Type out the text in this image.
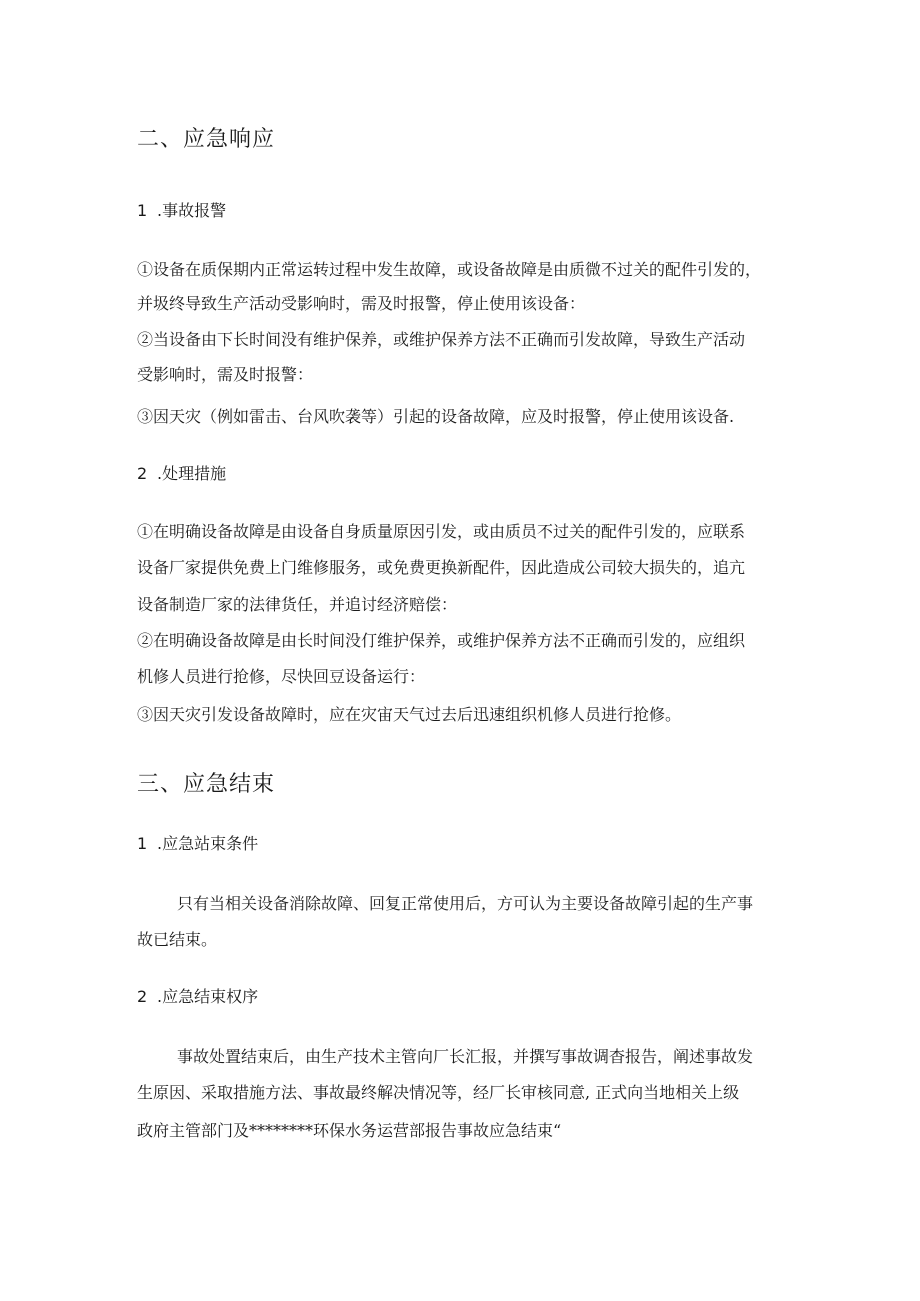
二、应急响应
1 .事故报警

①设备在质保期内正常运转过程中发生故障，或设备故障是由质微不过关的配件引发的，

并圾终导致生产活动受影响时，需及时报警，停止使用该设备：

②当设备由下长时间没有维护保养，或维护保养方法不正确而引发故障，导致生产活动

受影响时，需及时报警：

③因天灾（例如雷击、台风吹袭等）引起的设备故障，应及时报警，停止使用该设备.

2 .处理措施

①在明确设备故障是由设备自身质量原因引发，或由质员不过关的配件引发的，应联系

设备厂家提供免费上门维修服务，或免费更换新配件，因此造成公司较大损失的，追亢

设备制造厂家的法律货任，并追讨经济赔偿：

②在明确设备故障是由长时间没仃维护保养，或维护保养方法不正确而引发的，应组织

机修人员进行抢修，尽快回豆设备运行：

③因天灾引发设备故障时，应在灾宙天气过去后迅速组织机修人员进行抢修。

三、应急结束
1 .应急站束条件

只有当相关设备消除故障、回复正常使用后，方可认为主要设备故障引起的生产事

故已结束。

2 .应急结束权序

事故处置结束后，由生产技术主管向厂长汇报，并撰写事故调杳报告，阐述事故发

生原因、采取措施方法、事故最终解决情况等，经厂长审核同意, 正式向当地相关上级

政府主管部门及********环保水务运营部报告事故应急结束“
